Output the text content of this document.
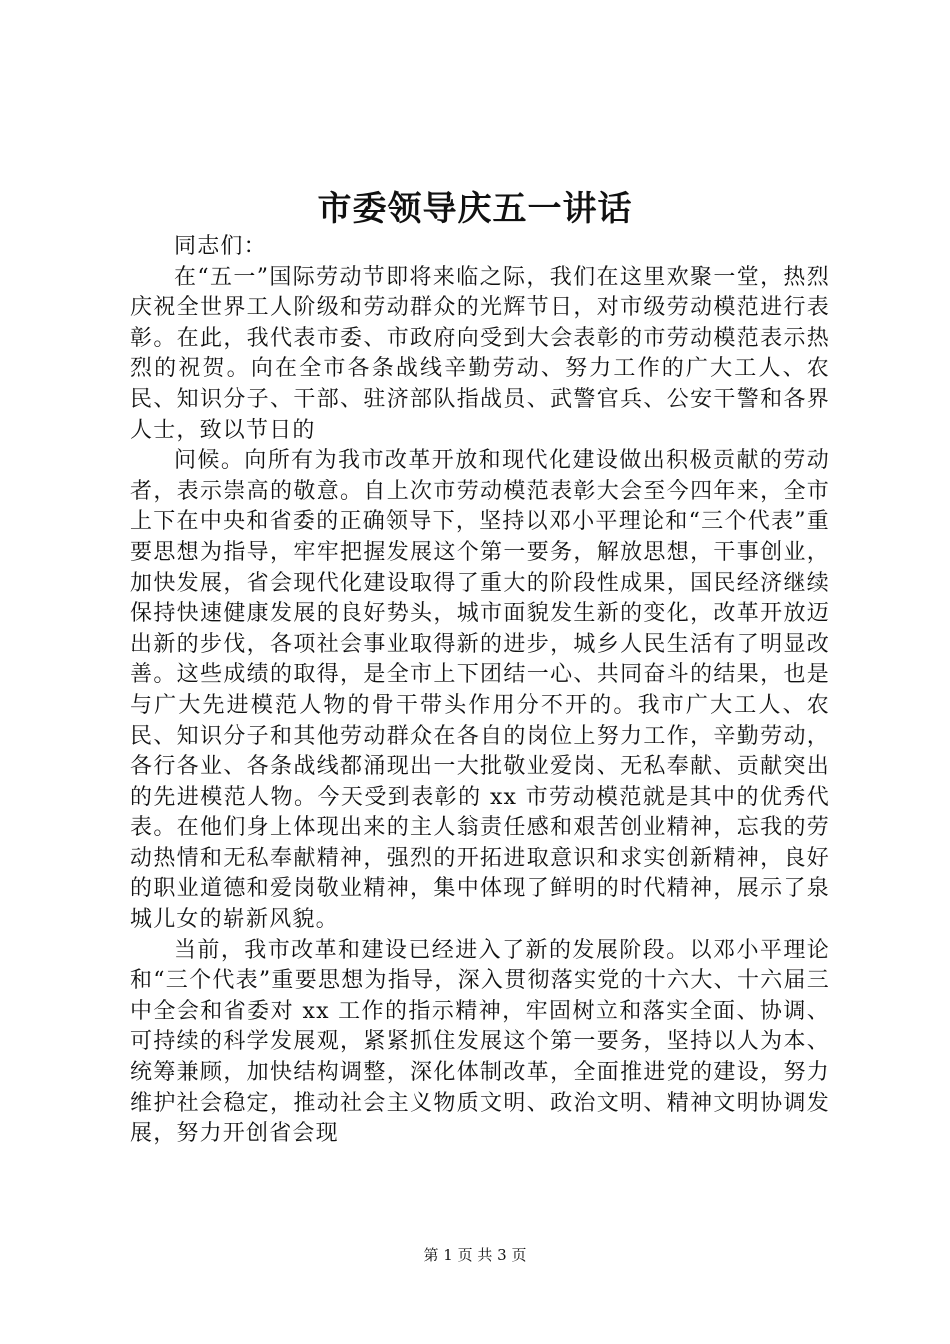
市委领导庆五一讲话

同志们：

在“五一”国际劳动节即将来临之际，我们在这里欢聚一堂，热烈庆祝全世界工人阶级和劳动群众的光辉节日，对市级劳动模范进行表彰。在此，我代表市委、市政府向受到大会表彰的市劳动模范表示热烈的祝贺。向在全市各条战线辛勤劳动、努力工作的广大工人、农民、知识分子、干部、驻济部队指战员、武警官兵、公安干警和各界人士，致以节日的

问候。向所有为我市改革开放和现代化建设做出积极贡献的劳动者，表示崇高的敬意。自上次市劳动模范表彰大会至今四年来，全市上下在中央和省委的正确领导下，坚持以邓小平理论和“三个代表”重要思想为指导，牢牢把握发展这个第一要务，解放思想，干事创业，加快发展，省会现代化建设取得了重大的阶段性成果，国民经济继续保持快速健康发展的良好势头，城市面貌发生新的变化，改革开放迈出新的步伐，各项社会事业取得新的进步，城乡人民生活有了明显改善。这些成绩的取得，是全市上下团结一心、共同奋斗的结果，也是与广大先进模范人物的骨干带头作用分不开的。我市广大工人、农民、知识分子和其他劳动群众在各自的岗位上努力工作，辛勤劳动，各行各业、各条战线都涌现出一大批敬业爱岗、无私奉献、贡献突出的先进模范人物。今天受到表彰的 xx 市劳动模范就是其中的优秀代表。在他们身上体现出来的主人翁责任感和艰苦创业精神，忘我的劳动热情和无私奉献精神，强烈的开拓进取意识和求实创新精神，良好的职业道德和爱岗敬业精神，集中体现了鲜明的时代精神，展示了泉城儿女的崭新风貌。

当前，我市改革和建设已经进入了新的发展阶段。以邓小平理论和“三个代表”重要思想为指导，深入贯彻落实党的十六大、十六届三中全会和省委对 xx 工作的指示精神，牢固树立和落实全面、协调、可持续的科学发展观，紧紧抓住发展这个第一要务，坚持以人为本、统筹兼顾，加快结构调整，深化体制改革，全面推进党的建设，努力维护社会稳定，推动社会主义物质文明、政治文明、精神文明协调发展，努力开创省会现

第 1 页 共 3 页
